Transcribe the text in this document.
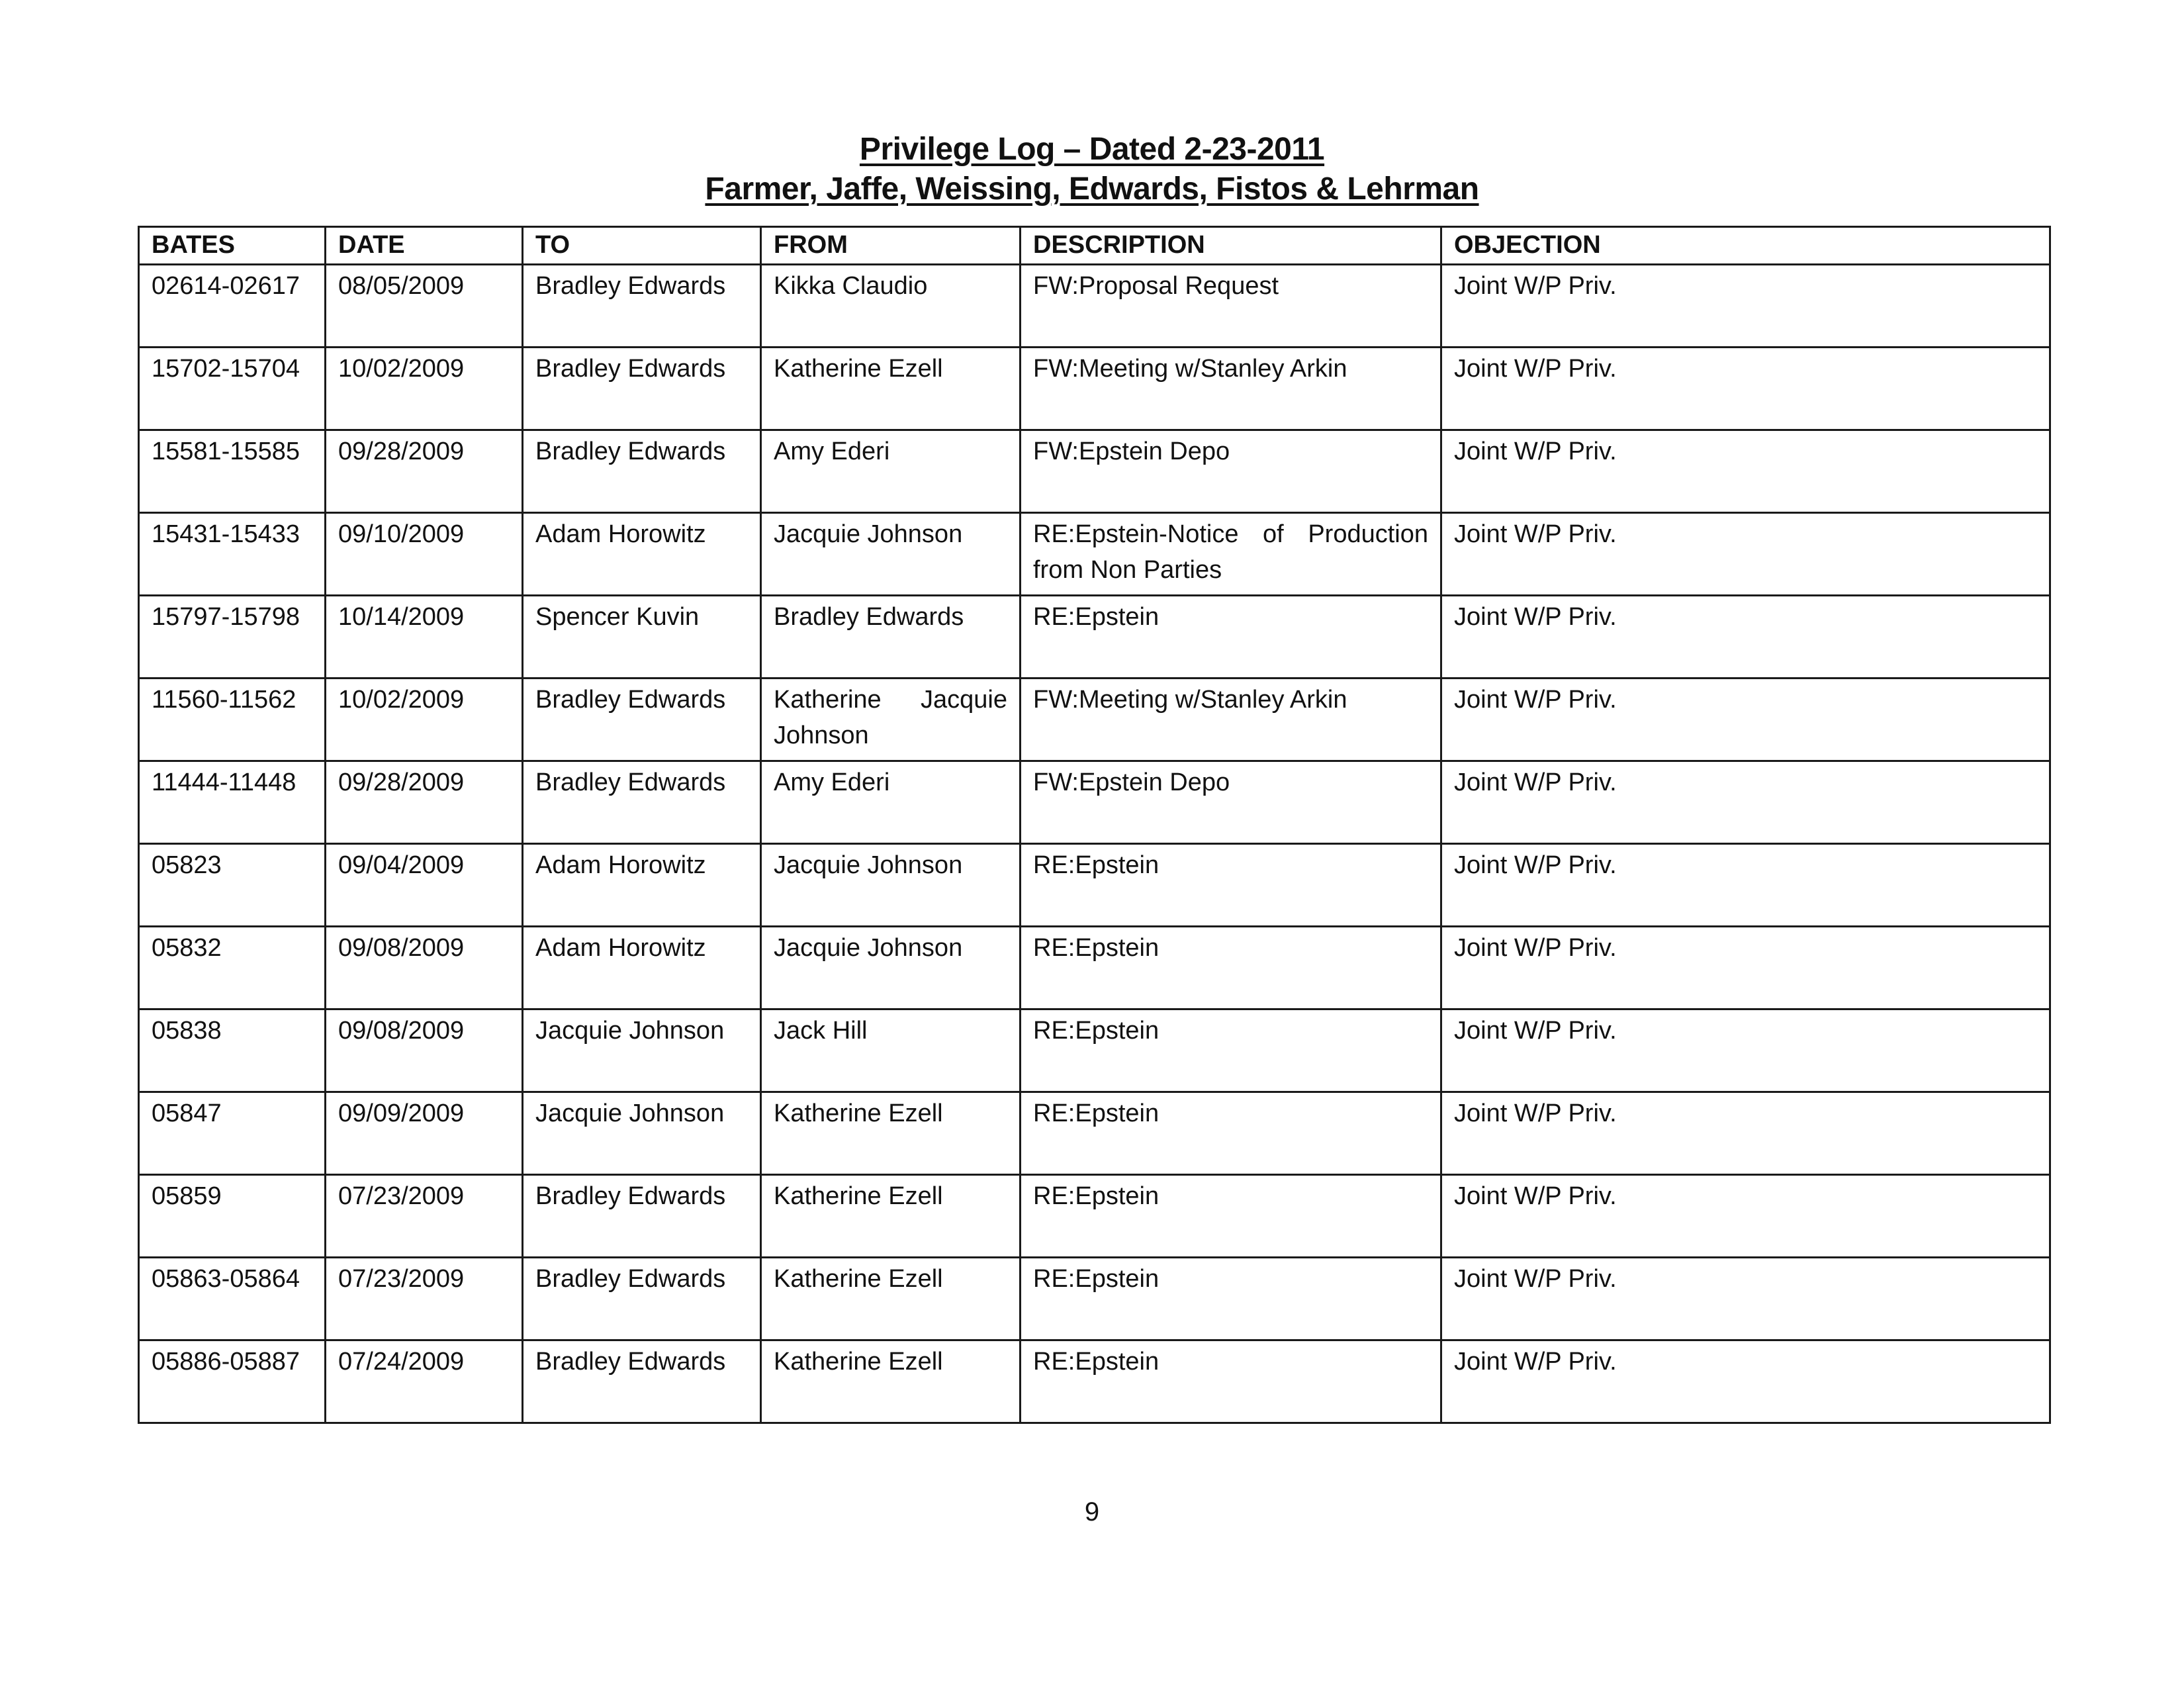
Privilege Log – Dated 2-23-2011

Farmer, Jaffe, Weissing, Edwards, Fistos & Lehrman

BATES	DATE	TO	FROM	DESCRIPTION	OBJECTION
02614-02617	08/05/2009	Bradley Edwards	Kikka Claudio	FW:Proposal Request	Joint W/P Priv.
15702-15704	10/02/2009	Bradley Edwards	Katherine Ezell	FW:Meeting w/Stanley Arkin	Joint W/P Priv.
15581-15585	09/28/2009	Bradley Edwards	Amy Ederi	FW:Epstein Depo	Joint W/P Priv.
15431-15433	09/10/2009	Adam Horowitz	Jacquie Johnson	RE:Epstein-Notice of Production from Non Parties	Joint W/P Priv.
15797-15798	10/14/2009	Spencer Kuvin	Bradley Edwards	RE:Epstein	Joint W/P Priv.
11560-11562	10/02/2009	Bradley Edwards	Katherine Jacquie Johnson	FW:Meeting w/Stanley Arkin	Joint W/P Priv.
11444-11448	09/28/2009	Bradley Edwards	Amy Ederi	FW:Epstein Depo	Joint W/P Priv.
05823	09/04/2009	Adam Horowitz	Jacquie Johnson	RE:Epstein	Joint W/P Priv.
05832	09/08/2009	Adam Horowitz	Jacquie Johnson	RE:Epstein	Joint W/P Priv.
05838	09/08/2009	Jacquie Johnson	Jack Hill	RE:Epstein	Joint W/P Priv.
05847	09/09/2009	Jacquie Johnson	Katherine Ezell	RE:Epstein	Joint W/P Priv.
05859	07/23/2009	Bradley Edwards	Katherine Ezell	RE:Epstein	Joint W/P Priv.
05863-05864	07/23/2009	Bradley Edwards	Katherine Ezell	RE:Epstein	Joint W/P Priv.
05886-05887	07/24/2009	Bradley Edwards	Katherine Ezell	RE:Epstein	Joint W/P Priv.
9
